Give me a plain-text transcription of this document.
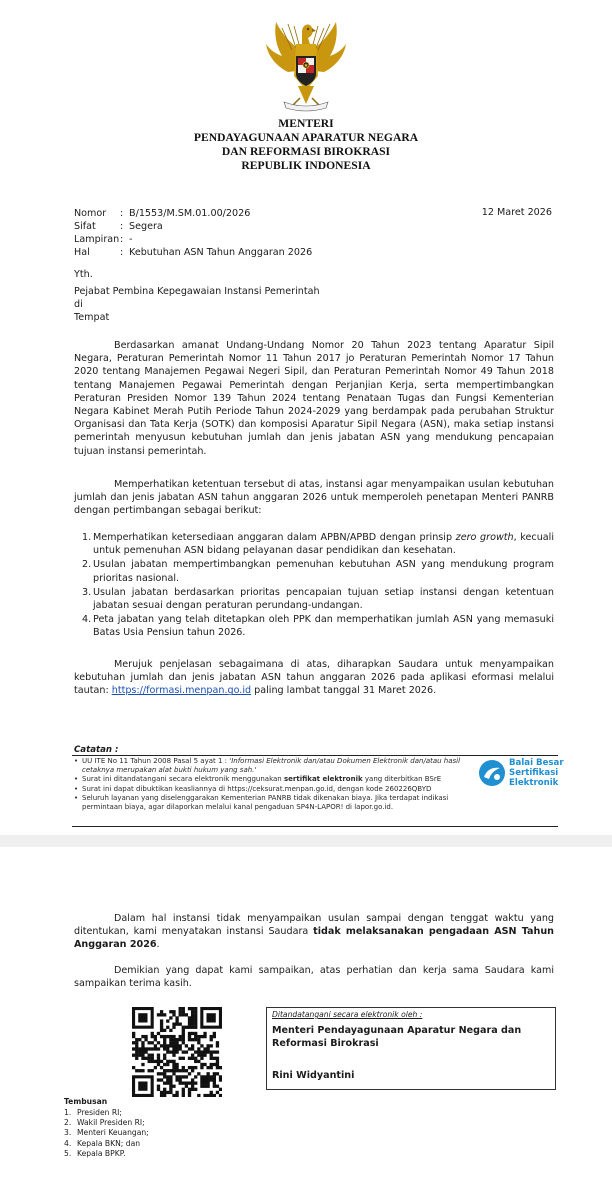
MENTERI
PENDAYAGUNAAN APARATUR NEGARA
DAN REFORMASI BIROKRASI
REPUBLIK INDONESIA
Nomor : B/1553/M.SM.01.00/2026
Sifat	: Segera
Lampiran: -
Hal	: Kebutuhan ASN Tahun Anggaran 2026
12 Maret 2026
Yth.
Pejabat Pembina Kepegawaian Instansi Pemerintah
di
Tempat
Berdasarkan amanat Undang-Undang Nomor 20 Tahun 2023 tentang Aparatur Sipil Negara, Peraturan Pemerintah Nomor 11 Tahun 2017 jo Peraturan Pemerintah Nomor 17 Tahun 2020 tentang Manajemen Pegawai Negeri Sipil, dan Peraturan Pemerintah Nomor 49 Tahun 2018 tentang Manajemen Pegawai Pemerintah dengan Perjanjian Kerja, serta mempertimbangkan Peraturan Presiden Nomor 139 Tahun 2024 tentang Penataan Tugas dan Fungsi Kementerian Negara Kabinet Merah Putih Periode Tahun 2024-2029 yang berdampak pada perubahan Struktur Organisasi dan Tata Kerja (SOTK) dan komposisi Aparatur Sipil Negara (ASN), maka setiap instansi pemerintah menyusun kebutuhan jumlah dan jenis jabatan ASN yang mendukung pencapaian tujuan instansi pemerintah.
Memperhatikan ketentuan tersebut di atas, instansi agar menyampaikan usulan kebutuhan jumlah dan jenis jabatan ASN tahun anggaran 2026 untuk memperoleh penetapan Menteri PANRB dengan pertimbangan sebagai berikut:
1. Memperhatikan ketersediaan anggaran dalam APBN/APBD dengan prinsip zero growth, kecuali untuk pemenuhan ASN bidang pelayanan dasar pendidikan dan kesehatan.
2. Usulan jabatan mempertimbangkan pemenuhan kebutuhan ASN yang mendukung program prioritas nasional.
3. Usulan jabatan berdasarkan prioritas pencapaian tujuan setiap instansi dengan ketentuan jabatan sesuai dengan peraturan perundang-undangan.
4. Peta jabatan yang telah ditetapkan oleh PPK dan memperhatikan jumlah ASN yang memasuki Batas Usia Pensiun tahun 2026.
Merujuk penjelasan sebagaimana di atas, diharapkan Saudara untuk menyampaikan kebutuhan jumlah dan jenis jabatan ASN tahun anggaran 2026 pada aplikasi eformasi melalui tautan: https://formasi.menpan.go.id paling lambat tanggal 31 Maret 2026.
Catatan :
• UU ITE No 11 Tahun 2008 Pasal 5 ayat 1 : 'Informasi Elektronik dan/atau Dokumen Elektronik dan/atau hasil cetaknya merupakan alat bukti hukum yang sah.'
• Surat ini ditandatangani secara elektronik menggunakan sertifikat elektronik yang diterbitkan BSrE
• Surat ini dapat dibuktikan keasliannya di https://ceksurat.menpan.go.id, dengan kode 260226QBYD
• Seluruh layanan yang diselenggarakan Kementerian PANRB tidak dikenakan biaya. Jika terdapat indikasi permintaan biaya, agar dilaporkan melalui kanal pengaduan SP4N-LAPOR! di lapor.go.id.
Balai Besar Sertifikasi Elektronik
Dalam hal instansi tidak menyampaikan usulan sampai dengan tenggat waktu yang ditentukan, kami menyatakan instansi Saudara tidak melaksanakan pengadaan ASN Tahun Anggaran 2026.
Demikian yang dapat kami sampaikan, atas perhatian dan kerja sama Saudara kami sampaikan terima kasih.
Ditandatangani secara elektronik oleh :
Menteri Pendayagunaan Aparatur Negara dan Reformasi Birokrasi
Rini Widyantini
Tembusan
1. Presiden RI;
2. Wakil Presiden RI;
3. Menteri Keuangan;
4. Kepala BKN; dan
5. Kepala BPKP.
